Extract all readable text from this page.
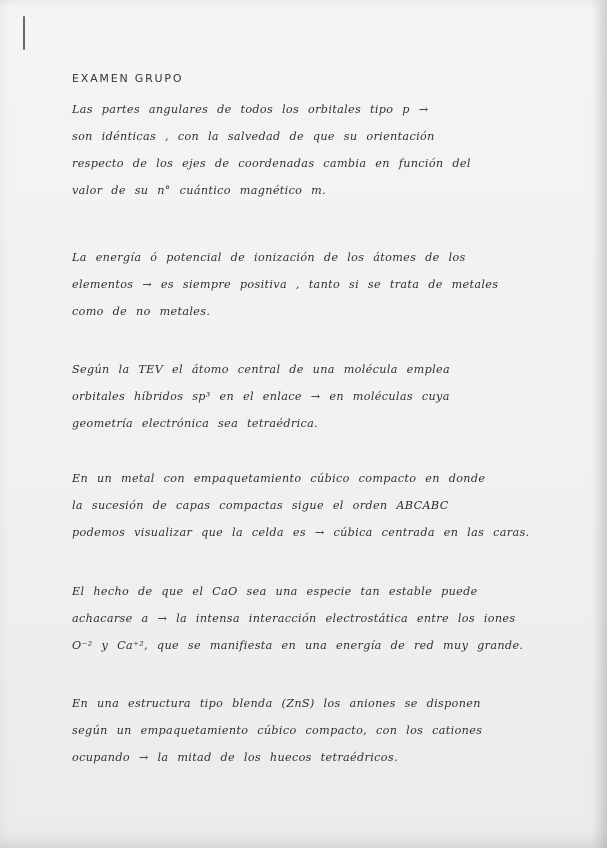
EXAMEN GRUPO
Las partes angulares de todos los orbitales tipo p →
son idénticas , con la salvedad de que su orientación
respecto de los ejes de coordenadas cambia en función del
valor de su n° cuántico magnético m.
La energía ó potencial de ionización de los átomes de los
elementos → es siempre positiva , tanto si se trata de metales
como de no metales.
Según la TEV el átomo central de una molécula emplea
orbitales híbridos sp³ en el enlace → en moléculas cuya
geometría electrónica sea tetraédrica.
En un metal con empaquetamiento cúbico compacto en donde
la sucesión de capas compactas sigue el orden ABCABC
podemos visualizar que la celda es → cúbica centrada en las caras.
El hecho de que el CaO sea una especie tan estable puede
achacarse a → la intensa interacción electrostática entre los iones
O⁻² y Ca⁺², que se manifiesta en una energía de red muy grande.
En una estructura tipo blenda (ZnS) los aniones se disponen
según un empaquetamiento cúbico compacto, con los cationes
ocupando → la mitad de los huecos tetraédricos.
